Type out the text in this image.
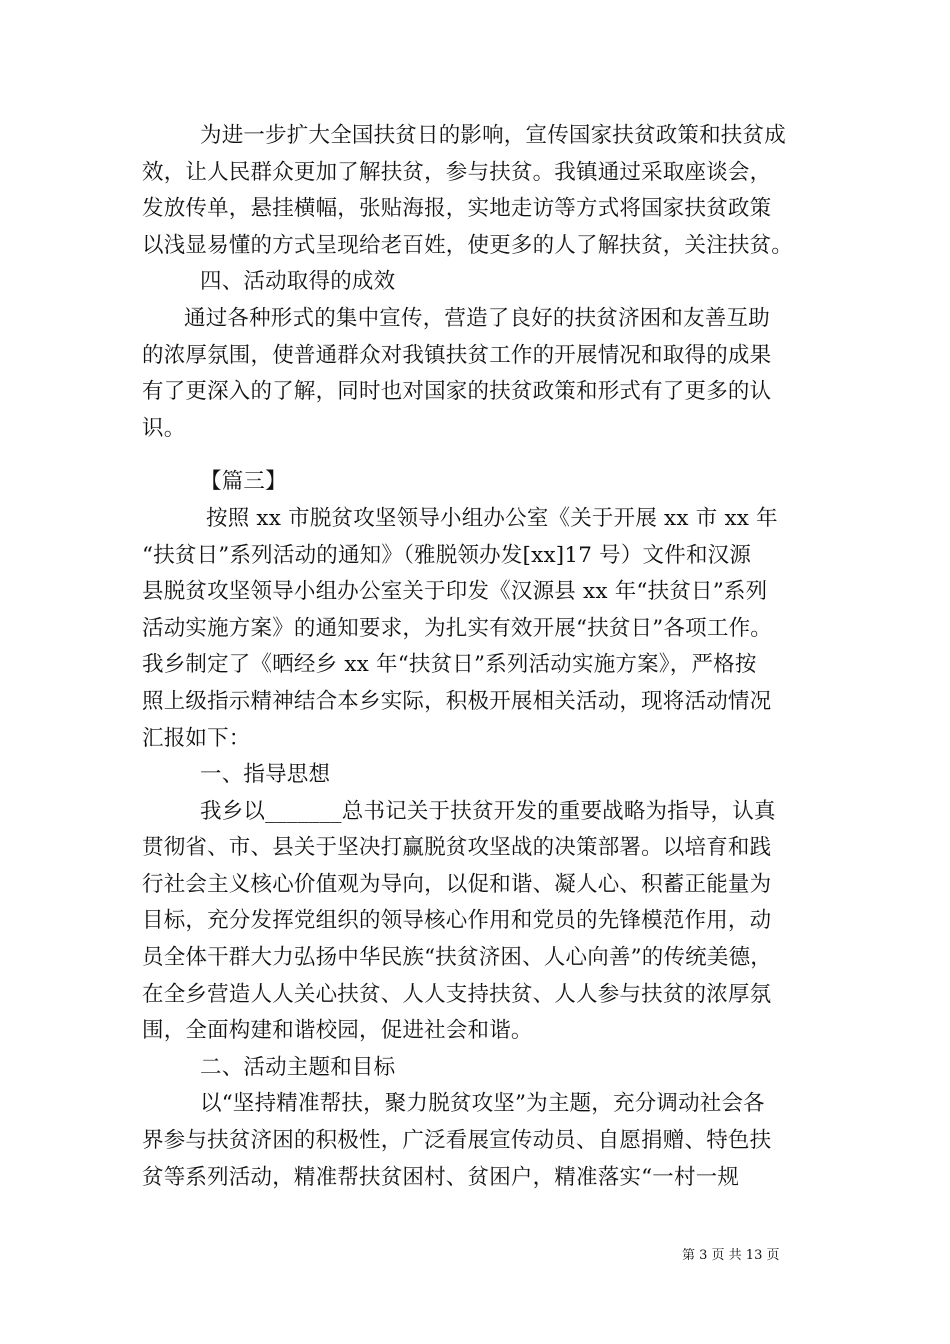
为进一步扩大全国扶贫日的影响，宣传国家扶贫政策和扶贫成
效，让人民群众更加了解扶贫，参与扶贫。我镇通过采取座谈会，
发放传单，悬挂横幅，张贴海报，实地走访等方式将国家扶贫政策
以浅显易懂的方式呈现给老百姓，使更多的人了解扶贫，关注扶贫。
四、活动取得的成效
通过各种形式的集中宣传，营造了良好的扶贫济困和友善互助
的浓厚氛围，使普通群众对我镇扶贫工作的开展情况和取得的成果
有了更深入的了解，同时也对国家的扶贫政策和形式有了更多的认
识。
【篇三】
按照 xx 市脱贫攻坚领导小组办公室《关于开展 xx 市 xx 年
“扶贫日”系列活动的通知》（雅脱领办发[xx]17 号）文件和汉源
县脱贫攻坚领导小组办公室关于印发《汉源县 xx 年“扶贫日”系列
活动实施方案》的通知要求，为扎实有效开展“扶贫日”各项工作。
我乡制定了《晒经乡 xx 年“扶贫日”系列活动实施方案》，严格按
照上级指示精神结合本乡实际，积极开展相关活动，现将活动情况
汇报如下：
一、指导思想
我乡以_______总书记关于扶贫开发的重要战略为指导，认真
贯彻省、市、县关于坚决打赢脱贫攻坚战的决策部署。以培育和践
行社会主义核心价值观为导向，以促和谐、凝人心、积蓄正能量为
目标，充分发挥党组织的领导核心作用和党员的先锋模范作用，动
员全体干群大力弘扬中华民族“扶贫济困、人心向善”的传统美德，
在全乡营造人人关心扶贫、人人支持扶贫、人人参与扶贫的浓厚氛
围，全面构建和谐校园，促进社会和谐。
二、活动主题和目标
以“坚持精准帮扶，聚力脱贫攻坚”为主题，充分调动社会各
界参与扶贫济困的积极性，广泛看展宣传动员、自愿捐赠、特色扶
贫等系列活动，精准帮扶贫困村、贫困户，精准落实“一村一规
第 3 页 共 13 页
